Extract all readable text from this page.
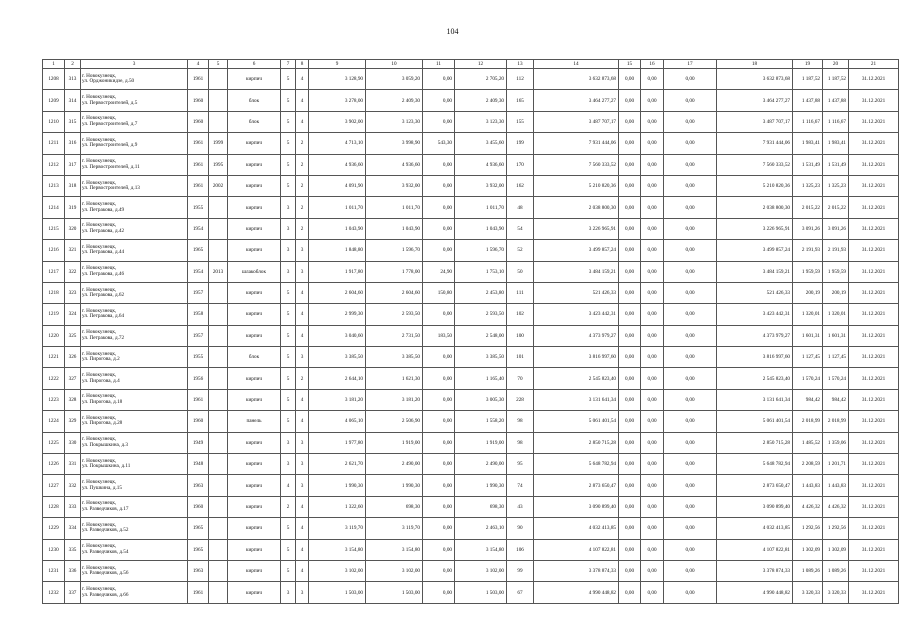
104
1	2	3	4	5	6	7	8	9	10	11	12	13	14	15	16	17	18	19	20	21
1208	313	г. Новокузнецк,
ул. Орджоникидзе, д.50	1961		кирпич	5	4	3 128,90	3 059,20	0,00	2 705,20	112	3 632 873,68	0,00	0,00	0,00	3 632 873,68	1 187,52	1 187,52	31.12.2021
1209	314	г. Новокузнецк,
ул. Первостроителей, д.5	1960		блок	5	4	3 278,00	2 409,30	0,00	2 409,30	165	3 464 277,27	0,00	0,00	0,00	3 464 277,27	1 437,88	1 437,88	31.12.2021
1210	315	г. Новокузнецк,
ул. Первостроителей, д.7	1960		блок	5	4	3 902,00	3 123,30	0,00	3 123,30	155	3 487 707,17	0,00	0,00	0,00	3 487 707,17	1 116,67	1 116,67	31.12.2021
1211	316	г. Новокузнецк,
ул. Первостроителей, д.9	1961	1999	кирпич	5	2	4 713,10	3 998,90	543,30	3 455,60	199	7 931 444,06	0,00	0,00	0,00	7 931 444,06	1 983,41	1 983,41	31.12.2021
1212	317	г. Новокузнецк,
ул. Первостроителей, д.11	1961	1995	кирпич	5	2	4 936,60	4 936,60	0,00	4 936,60	170	7 560 333,52	0,00	0,00	0,00	7 560 333,52	1 531,49	1 531,49	31.12.2021
1213	318	г. Новокузнецк,
ул. Первостроителей, д.13	1961	2002	кирпич	5	2	4 091,90	3 932,00	0,00	3 932,00	162	5 210 820,36	0,00	0,00	0,00	5 210 820,36	1 325,23	1 325,23	31.12.2021
1214	319	г. Новокузнецк,
ул. Петракова, д.49	1955		кирпич	3	2	1 011,70	1 011,70	0,00	1 011,70	48	2 038 800,30	0,00	0,00	0,00	2 038 800,30	2 015,22	2 015,22	31.12.2021
1215	320	г. Новокузнецк,
ул. Петракова, д.42	1954		кирпич	3	2	1 043,90	1 043,90	0,00	1 043,90	54	3 226 965,91	0,00	0,00	0,00	3 226 965,91	3 091,26	3 091,26	31.12.2021
1216	321	г. Новокузнецк,
ул. Петракова, д.44	1965		кирпич	3	3	1 848,80	1 596,70	0,00	1 596,70	52	3 499 857,24	0,00	0,00	0,00	3 499 857,24	2 191,93	2 191,93	31.12.2021
1217	322	г. Новокузнецк,
ул. Петракова, д.46	1954	2013	шлакоблок	3	3	1 917,80	1 778,00	24,90	1 753,10	50	3 484 159,21	0,00	0,00	0,00	3 484 159,21	1 959,59	1 959,59	31.12.2021
1218	323	г. Новокузнецк,
ул. Петракова, д.62	1957		кирпич	5	4	2 604,60	2 604,60	150,80	2 453,80	111	521 426,33	0,00	0,00	0,00	521 426,33	200,19	200,19	31.12.2021
1219	324	г. Новокузнецк,
ул. Петракова, д.64	1958		кирпич	5	4	2 999,30	2 593,50	0,00	2 593,50	102	3 423 442,31	0,00	0,00	0,00	3 423 442,31	1 320,01	1 320,01	31.12.2021
1220	325	г. Новокузнецк,
ул. Петракова, д.72	1957		кирпич	5	4	3 040,60	2 731,50	183,50	2 548,00	100	4 373 979,27	0,00	0,00	0,00	4 373 979,27	1 601,31	1 601,31	31.12.2021
1221	326	г. Новокузнецк,
ул. Пирогова, д.2	1955		блок	5	3	3 385,50	3 385,50	0,00	3 385,50	101	3 816 997,60	0,00	0,00	0,00	3 816 997,60	1 127,45	1 127,45	31.12.2021
1222	327	г. Новокузнецк,
ул. Пирогова, д.4	1956		кирпич	5	2	2 644,10	1 621,30	0,00	1 165,40	70	2 545 823,40	0,00	0,00	0,00	2 545 823,40	1 570,24	1 570,24	31.12.2021
1223	328	г. Новокузнецк,
ул. Пирогова, д.18	1961		кирпич	5	4	3 181,20	3 181,20	0,00	3 005,30	228	3 131 641,34	0,00	0,00	0,00	3 131 641,34	984,42	984,42	31.12.2021
1224	329	г. Новокузнецк,
ул. Пирогова, д.28	1960		панель	5	4	4 065,10	2 506,90	0,00	1 558,20	98	5 061 401,54	0,00	0,00	0,00	5 061 401,54	2 018,99	2 018,99	31.12.2021
1225	330	г. Новокузнецк,
ул. Покрышкина, д.3	1949		кирпич	3	3	1 977,80	1 919,00	0,00	1 919,00	98	2 850 715,28	0,00	0,00	0,00	2 850 715,28	1 485,52	1 359,06	31.12.2021
1226	331	г. Новокузнецк,
ул. Покрышкина, д.11	1948		кирпич	3	3	2 621,70	2 490,00	0,00	2 490,00	95	5 648 782,94	0,00	0,00	0,00	5 648 782,94	2 208,59	1 201,71	31.12.2021
1227	332	г. Новокузнецк,
ул. Пушкина, д.15	1963		кирпич	4	3	1 990,30	1 990,30	0,00	1 990,30	74	2 873 650,47	0,00	0,00	0,00	2 873 650,47	1 443,83	1 443,83	31.12.2021
1228	333	г. Новокузнецк,
ул. Разведчиков, д.17	1960		кирпич	2	4	1 322,60	698,30	0,00	698,30	43	3 090 899,40	0,00	0,00	0,00	3 090 899,40	4 426,32	4 426,32	31.12.2021
1229	334	г. Новокузнецк,
ул. Разведчиков, д.52	1965		кирпич	5	4	3 119,70	3 119,70	0,00	2 463,10	90	4 032 413,85	0,00	0,00	0,00	4 032 413,85	1 292,56	1 292,56	31.12.2021
1230	335	г. Новокузнецк,
ул. Разведчиков, д.54	1965		кирпич	5	4	3 154,80	3 154,80	0,00	3 154,80	106	4 107 822,81	0,00	0,00	0,00	4 107 822,81	1 302,09	1 302,09	31.12.2021
1231	336	г. Новокузнецк,
ул. Разведчиков, д.56	1963		кирпич	5	4	3 102,00	3 102,00	0,00	3 102,00	99	3 378 874,33	0,00	0,00	0,00	3 378 874,33	1 089,26	1 089,26	31.12.2021
1232	337	г. Новокузнецк,
ул. Разведчиков, д.66	1961		кирпич	3	3	1 503,00	1 503,00	0,00	1 503,00	67	4 990 448,82	0,00	0,00	0,00	4 990 448,82	3 320,33	3 320,33	31.12.2021
